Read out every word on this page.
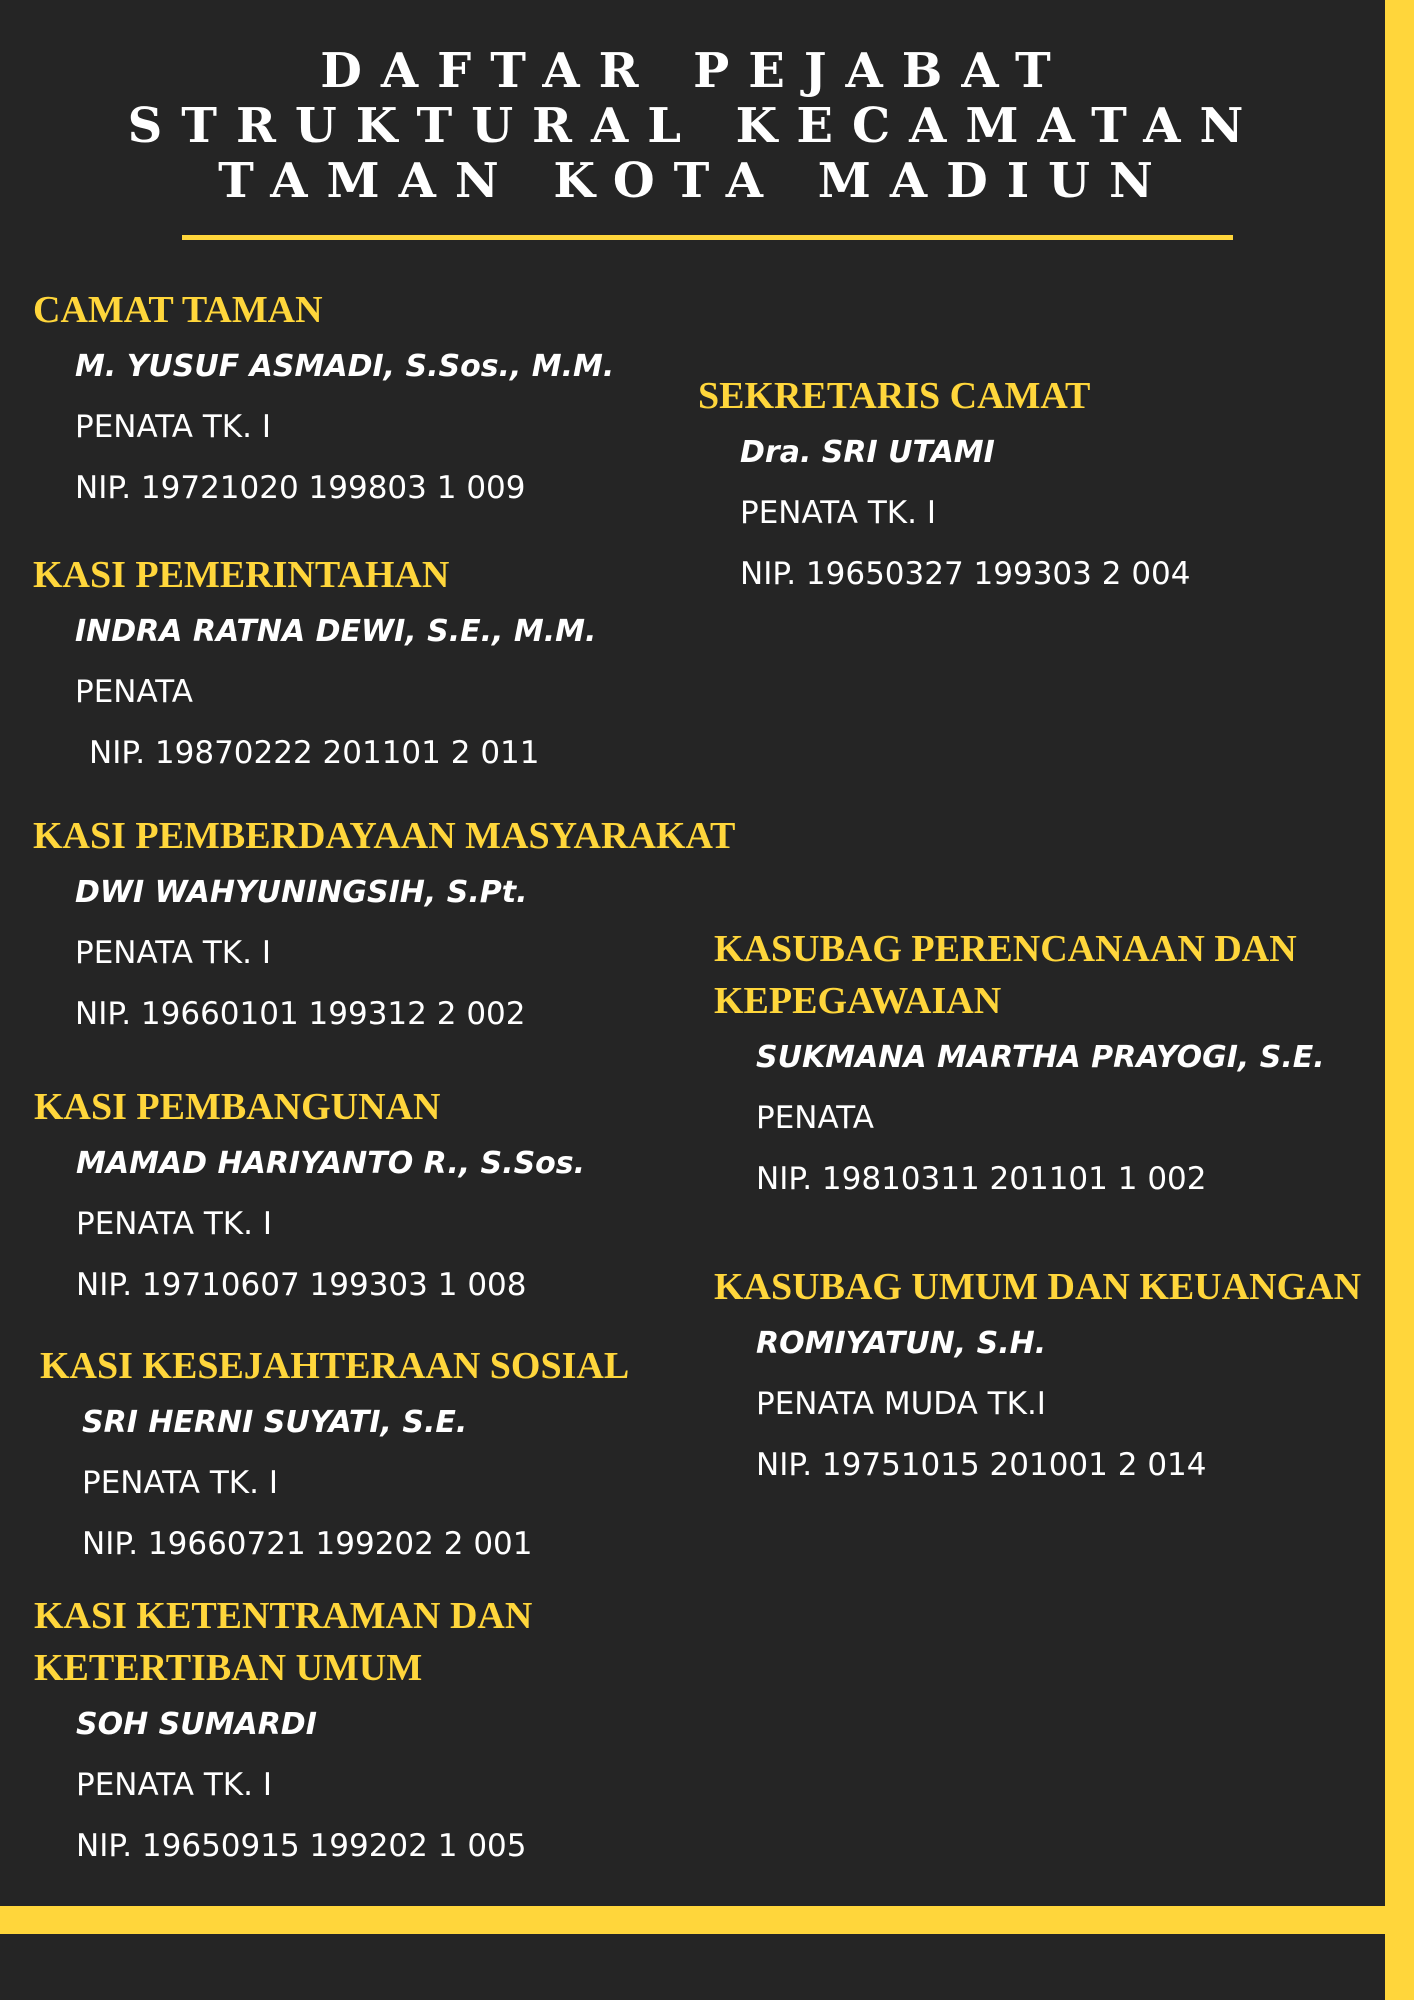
DAFTAR PEJABAT STRUKTURAL KECAMATAN TAMAN KOTA MADIUN
CAMAT TAMAN
M. YUSUF ASMADI, S.Sos., M.M.
PENATA TK. I
NIP. 19721020 199803 1 009
SEKRETARIS CAMAT
Dra. SRI UTAMI
PENATA TK. I
NIP. 19650327 199303 2 004
KASI PEMERINTAHAN
INDRA RATNA DEWI, S.E., M.M.
PENATA
NIP. 19870222 201101 2 011
KASI PEMBERDAYAAN MASYARAKAT
DWI WAHYUNINGSIH, S.Pt.
PENATA TK. I
NIP. 19660101 199312 2 002
KASUBAG PERENCANAAN DAN KEPEGAWAIAN
SUKMANA MARTHA PRAYOGI, S.E.
PENATA
NIP. 19810311 201101 1 002
KASI PEMBANGUNAN
MAMAD HARIYANTO R., S.Sos.
PENATA TK. I
NIP. 19710607 199303 1 008	KASUBAG UMUM DAN KEUANGAN
ROMIYATUN, S.H.
PENATA MUDA TK.I
NIP. 19751015 201001 2 014
KASI KESEJAHTERAAN SOSIAL
SRI HERNI SUYATI, S.E.
PENATA TK. I
NIP. 19660721 199202 2 001
KASI KETENTRAMAN DAN KETERTIBAN UMUM
SOH SUMARDI
PENATA TK. I
NIP. 19650915 199202 1 005
